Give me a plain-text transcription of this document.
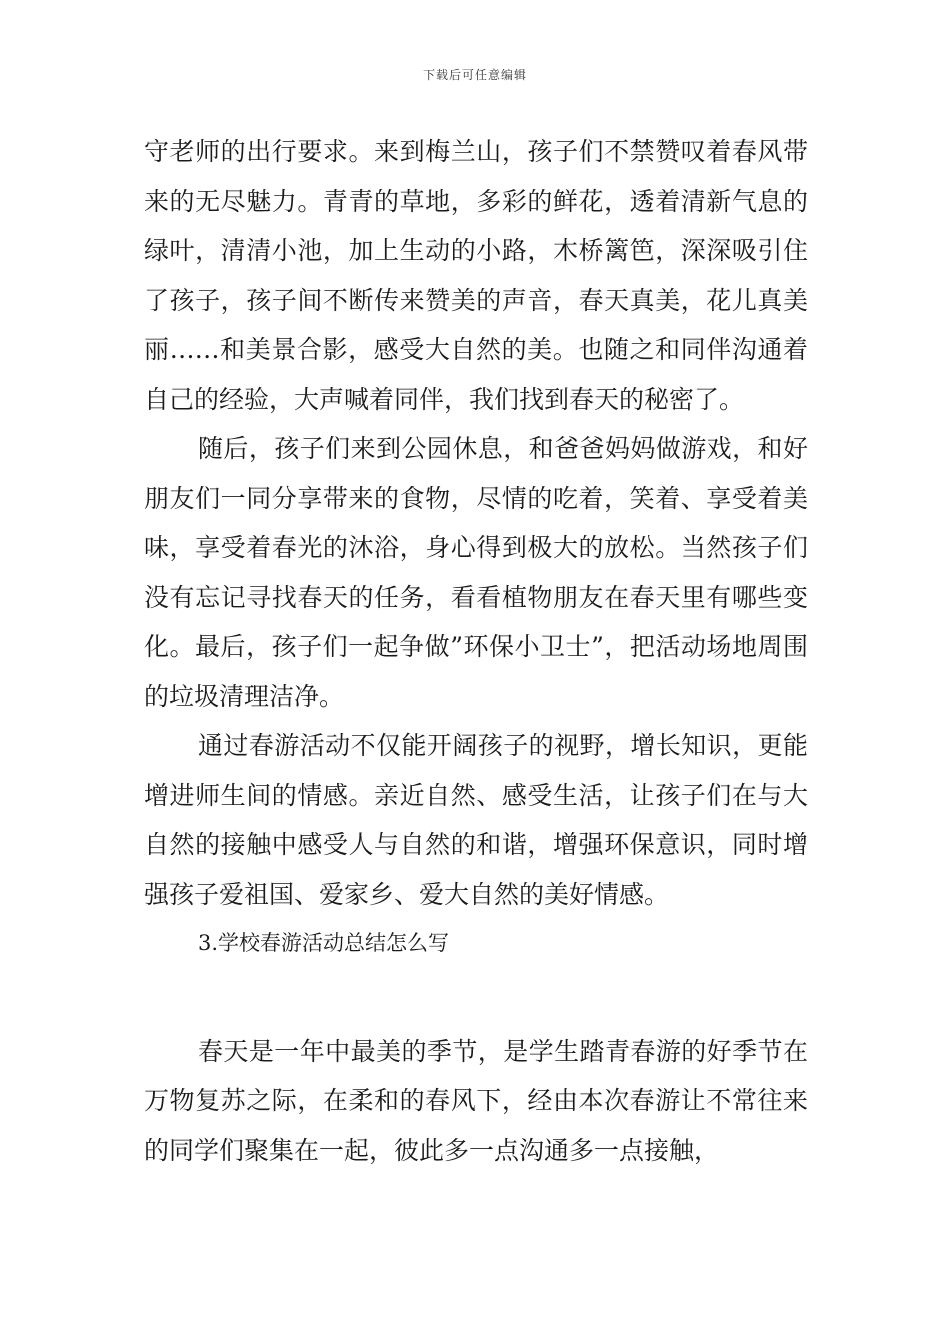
下载后可任意编辑

守老师的出行要求。来到梅兰山，孩子们不禁赞叹着春风带来的无尽魅力。青青的草地，多彩的鲜花，透着清新气息的绿叶，清清小池，加上生动的小路，木桥篱笆，深深吸引住了孩子，孩子间不断传来赞美的声音，春天真美，花儿真美丽……和美景合影，感受大自然的美。也随之和同伴沟通着自己的经验，大声喊着同伴，我们找到春天的秘密了。

随后，孩子们来到公园休息，和爸爸妈妈做游戏，和好朋友们一同分享带来的食物，尽情的吃着，笑着、享受着美味，享受着春光的沐浴，身心得到极大的放松。当然孩子们没有忘记寻找春天的任务，看看植物朋友在春天里有哪些变化。最后，孩子们一起争做”环保小卫士”，把活动场地周围的垃圾清理洁净。

通过春游活动不仅能开阔孩子的视野，增长知识，更能增进师生间的情感。亲近自然、感受生活，让孩子们在与大自然的接触中感受人与自然的和谐，增强环保意识，同时增强孩子爱祖国、爱家乡、爱大自然的美好情感。

3.学校春游活动总结怎么写

春天是一年中最美的季节，是学生踏青春游的好季节在万物复苏之际，在柔和的春风下，经由本次春游让不常往来的同学们聚集在一起，彼此多一点沟通多一点接触，
